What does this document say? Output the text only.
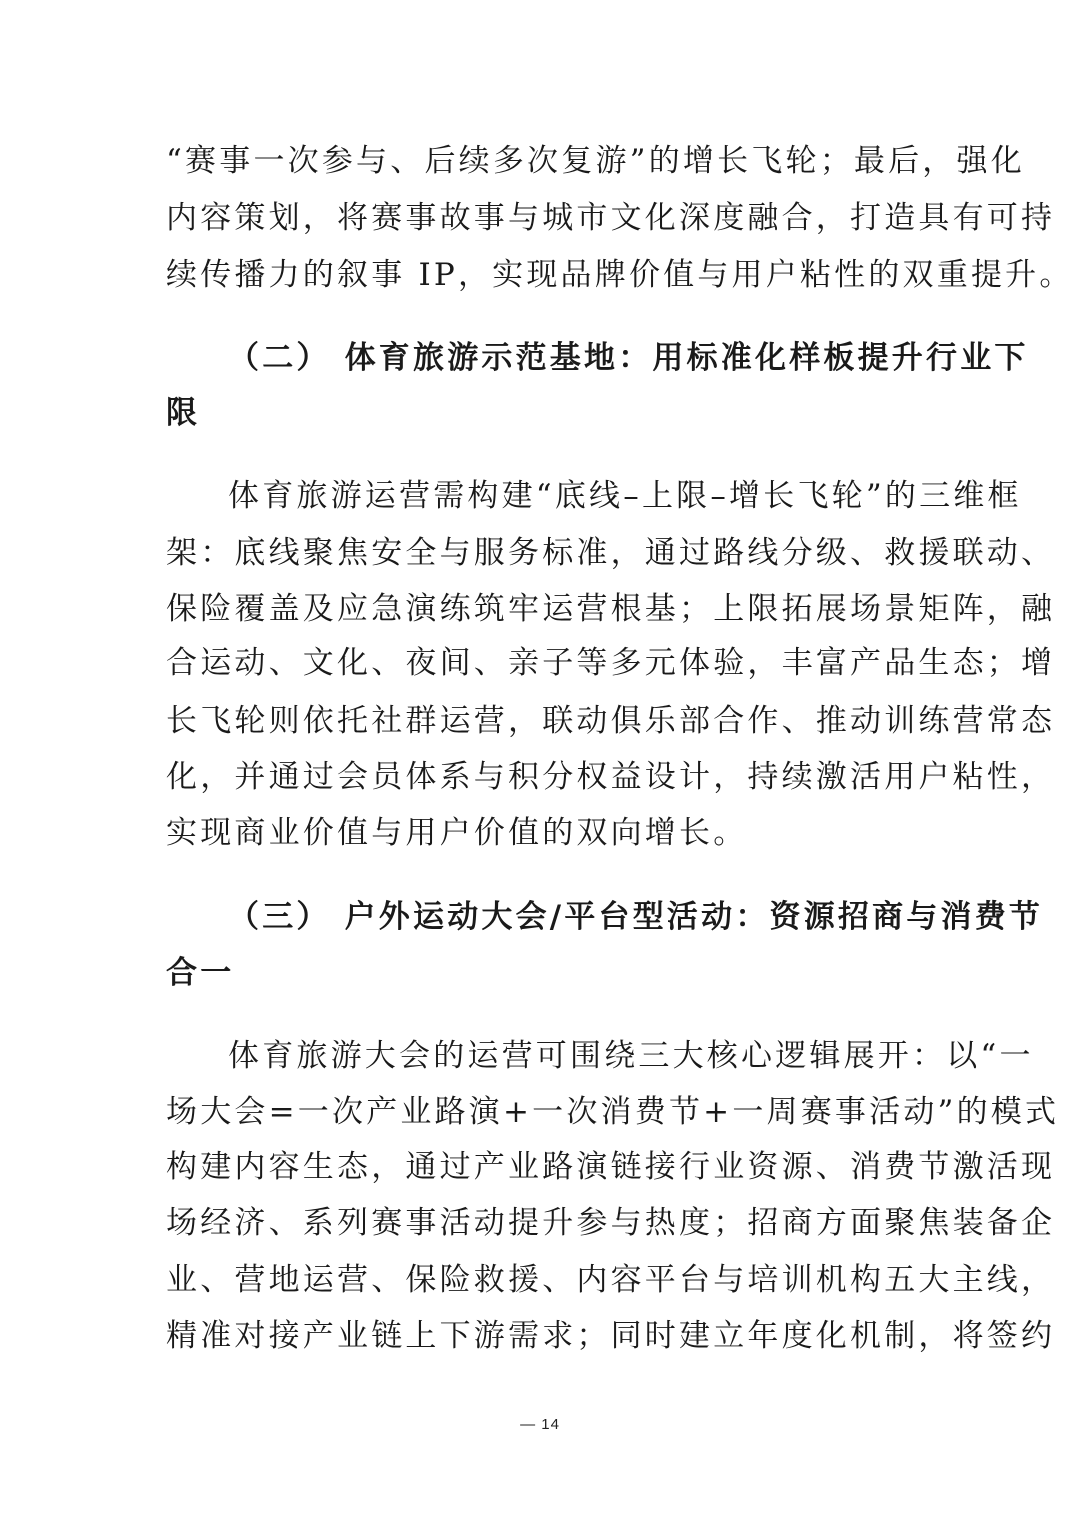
“赛事一次参与、后续多次复游”的增长飞轮；最后，强化
内容策划，将赛事故事与城市文化深度融合，打造具有可持
续传播力的叙事 IP，实现品牌价值与用户粘性的双重提升。
（二） 体育旅游示范基地：用标准化样板提升行业下
限
体育旅游运营需构建“底线–上限–增长飞轮”的三维框
架：底线聚焦安全与服务标准，通过路线分级、救援联动、
保险覆盖及应急演练筑牢运营根基；上限拓展场景矩阵，融
合运动、文化、夜间、亲子等多元体验，丰富产品生态；增
长飞轮则依托社群运营，联动俱乐部合作、推动训练营常态
化，并通过会员体系与积分权益设计，持续激活用户粘性，
实现商业价值与用户价值的双向增长。
（三） 户外运动大会/平台型活动：资源招商与消费节
合一
体育旅游大会的运营可围绕三大核心逻辑展开：以“一
场大会=一次产业路演+一次消费节+一周赛事活动”的模式
构建内容生态，通过产业路演链接行业资源、消费节激活现
场经济、系列赛事活动提升参与热度；招商方面聚焦装备企
业、营地运营、保险救援、内容平台与培训机构五大主线，
精准对接产业链上下游需求；同时建立年度化机制，将签约
— 14
